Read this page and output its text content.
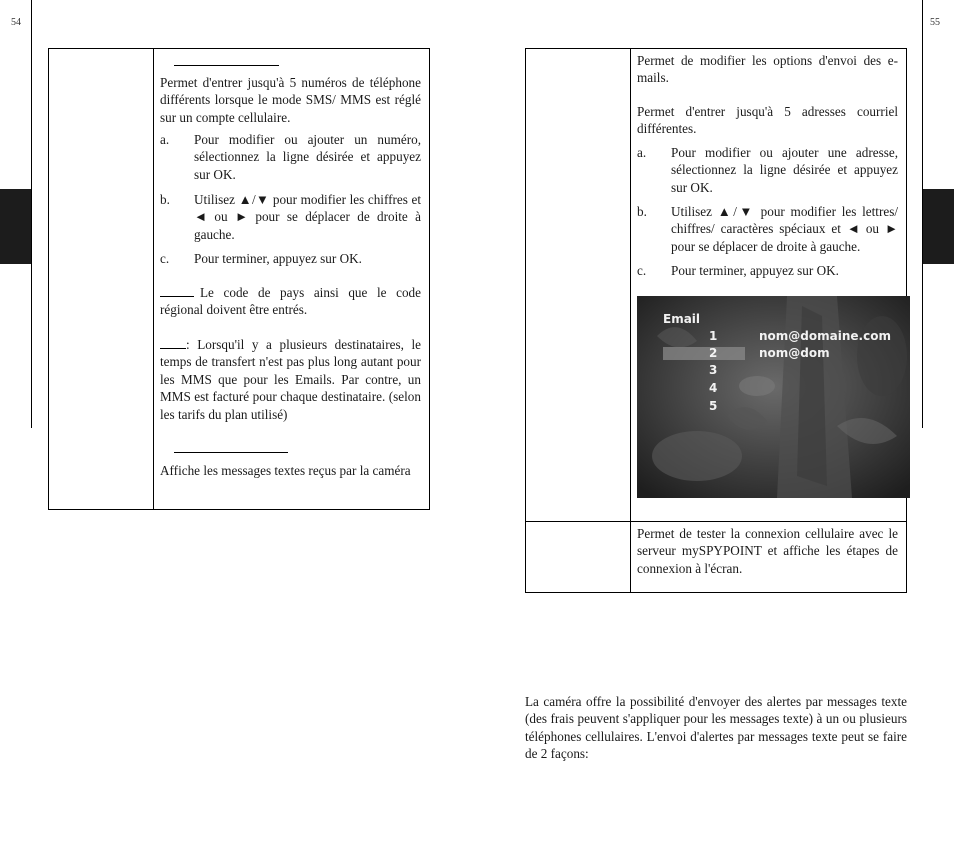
54
Permet d'entrer jusqu'à 5 numéros de téléphone différents lorsque le mode SMS/ MMS est réglé sur un compte cellulaire.
a. Pour modifier ou ajouter un numéro, sélectionnez la ligne désirée et appuyez sur OK.
b. Utilisez ▲/▼ pour modifier les chiffres et ◄ ou ► pour se déplacer de droite à gauche.
c. Pour terminer, appuyez sur OK.
Le code de pays ainsi que le code régional doivent être entrés.
: Lorsqu'il y a plusieurs destinataires, le temps de transfert n'est pas plus long autant pour les MMS que pour les Emails. Par contre, un MMS est facturé pour chaque destinataire. (selon les tarifs du plan utilisé)
Affiche les messages textes reçus par la caméra
55
Permet de modifier les options d'envoi des e-mails.
Permet d'entrer jusqu'à 5 adresses courriel différentes.
a. Pour modifier ou ajouter une adresse, sélectionnez la ligne désirée et appuyez sur OK.
b. Utilisez ▲/▼ pour modifier les lettres/ chiffres/ caractères spéciaux et ◄ ou ► pour se déplacer de droite à gauche.
c. Pour terminer, appuyez sur OK.
Email
1	nom@domaine.com
2	nom@dom
3
4
5
Permet de tester la connexion cellulaire avec le serveur mySPYPOINT et affiche les étapes de connexion à l'écran.
La caméra offre la possibilité d'envoyer des alertes par messages texte (des frais peuvent s'appliquer pour les messages texte) à un ou plusieurs téléphones cellulaires. L'envoi d'alertes par messages texte peut se faire de 2 façons:
